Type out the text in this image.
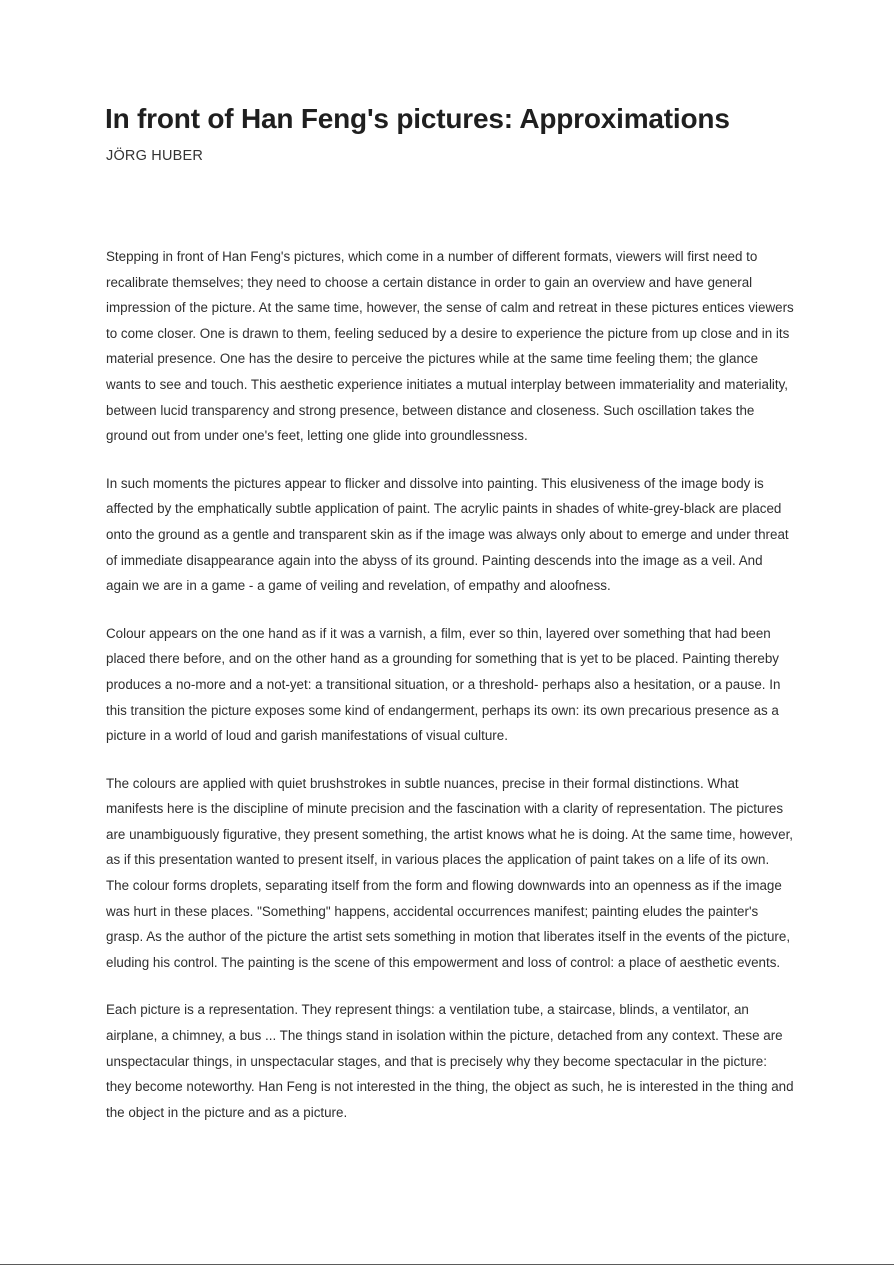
In front of Han Feng's pictures: Approximations
JÖRG HUBER

Stepping in front of Han Feng's pictures, which come in a number of different formats, viewers will first need to recalibrate themselves; they need to choose a certain distance in order to gain an overview and have general impression of the picture. At the same time, however, the sense of calm and retreat in these pictures entices viewers to come closer. One is drawn to them, feeling seduced by a desire to experience the picture from up close and in its material presence. One has the desire to perceive the pictures while at the same time feeling them; the glance wants to see and touch. This aesthetic experience initiates a mutual interplay between immateriality and materiality, between lucid transparency and strong presence, between distance and closeness. Such oscillation takes the ground out from under one's feet, letting one glide into groundlessness.

In such moments the pictures appear to flicker and dissolve into painting. This elusiveness of the image body is affected by the emphatically subtle application of paint. The acrylic paints in shades of white-grey-black are placed onto the ground as a gentle and transparent skin as if the image was always only about to emerge and under threat of immediate disappearance again into the abyss of its ground. Painting descends into the image as a veil. And again we are in a game - a game of veiling and revelation, of empathy and aloofness.

Colour appears on the one hand as if it was a varnish, a film, ever so thin, layered over something that had been placed there before, and on the other hand as a grounding for something that is yet to be placed. Painting thereby produces a no-more and a not-yet: a transitional situation, or a threshold- perhaps also a hesitation, or a pause. In this transition the picture exposes some kind of endangerment, perhaps its own: its own precarious presence as a picture in a world of loud and garish manifestations of visual culture.

The colours are applied with quiet brushstrokes in subtle nuances, precise in their formal distinctions. What manifests here is the discipline of minute precision and the fascination with a clarity of representation. The pictures are unambiguously figurative, they present something, the artist knows what he is doing. At the same time, however, as if this presentation wanted to present itself, in various places the application of paint takes on a life of its own. The colour forms droplets, separating itself from the form and flowing downwards into an openness as if the image was hurt in these places. "Something" happens, accidental occurrences manifest; painting eludes the painter's grasp. As the author of the picture the artist sets something in motion that liberates itself in the events of the picture, eluding his control. The painting is the scene of this empowerment and loss of control: a place of aesthetic events.

Each picture is a representation. They represent things: a ventilation tube, a staircase, blinds, a ventilator, an airplane, a chimney, a bus ... The things stand in isolation within the picture, detached from any context. These are unspectacular things, in unspectacular stages, and that is precisely why they become spectacular in the picture: they become noteworthy. Han Feng is not interested in the thing, the object as such, he is interested in the thing and the object in the picture and as a picture.
